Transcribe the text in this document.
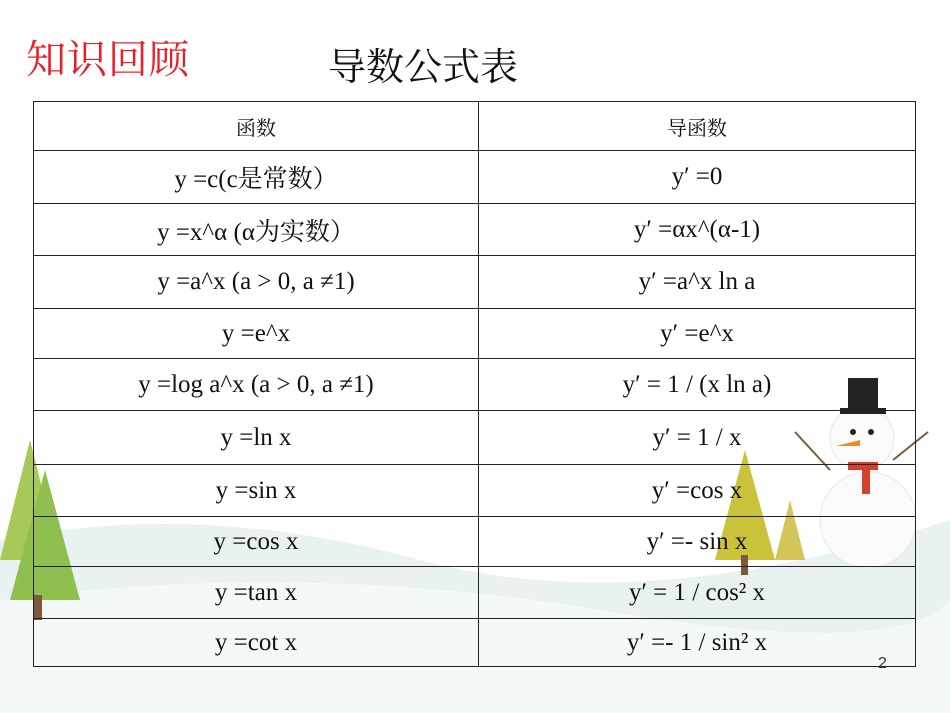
知识回顾	导数公式表
函数	导函数
y =c(c是常数）	y′ =0
y =x^α (α为实数）	y′ =αx^(α-1)
y =a^x (a > 0, a ≠1)	y′ =a^x ln a
y =e^x	y′ =e^x
y =log a^x (a > 0, a ≠1)	y′ = 1 / (x ln a)
y =ln x	y′ = 1 / x
y =sin x	y′ =cos x
y =cos x	y′ =- sin x
y =tan x	y′ = 1 / cos² x
y =cot x	y′ =- 1 / sin² x
2
